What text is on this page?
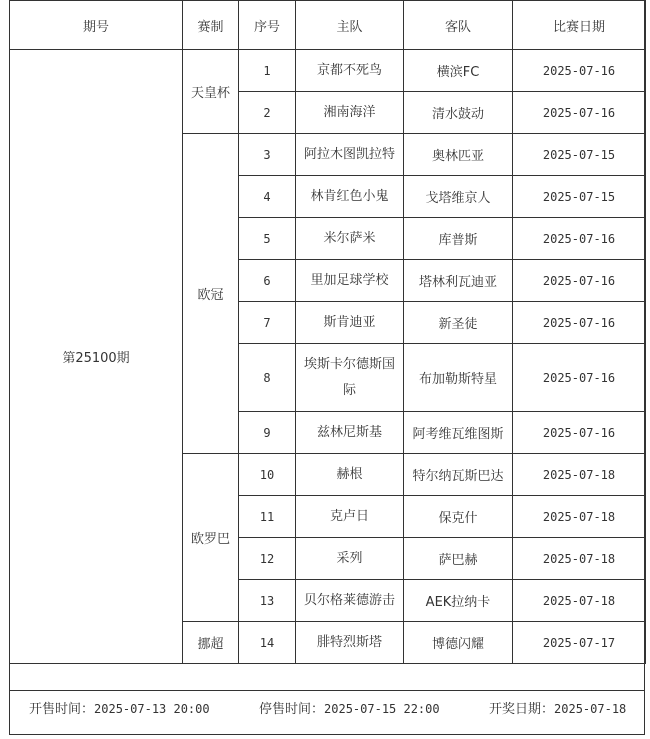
期号	赛制	序号	主队	客队	比赛日期
第25100期	天皇杯	1	京都不死鸟	横滨FC	2025-07-16
		2	湘南海洋	清水鼓动	2025-07-16
	欧冠	3	阿拉木图凯拉特	奥林匹亚	2025-07-15
		4	林肯红色小鬼	戈塔维京人	2025-07-15
		5	米尔萨米	库普斯	2025-07-16
		6	里加足球学校	塔林利瓦迪亚	2025-07-16
		7	斯肯迪亚	新圣徒	2025-07-16
		8	埃斯卡尔德斯国际	布加勒斯特星	2025-07-16
		9	兹林尼斯基	阿考维瓦维图斯	2025-07-16
	欧罗巴	10	赫根	特尔纳瓦斯巴达	2025-07-18
		11	克卢日	保克什	2025-07-18
		12	采列	萨巴赫	2025-07-18
		13	贝尔格莱德游击	AEK拉纳卡	2025-07-18
	挪超	14	腓特烈斯塔	博德闪耀	2025-07-17
开售时间：2025-07-13 20:00	停售时间：2025-07-15 22:00	开奖日期：2025-07-18
